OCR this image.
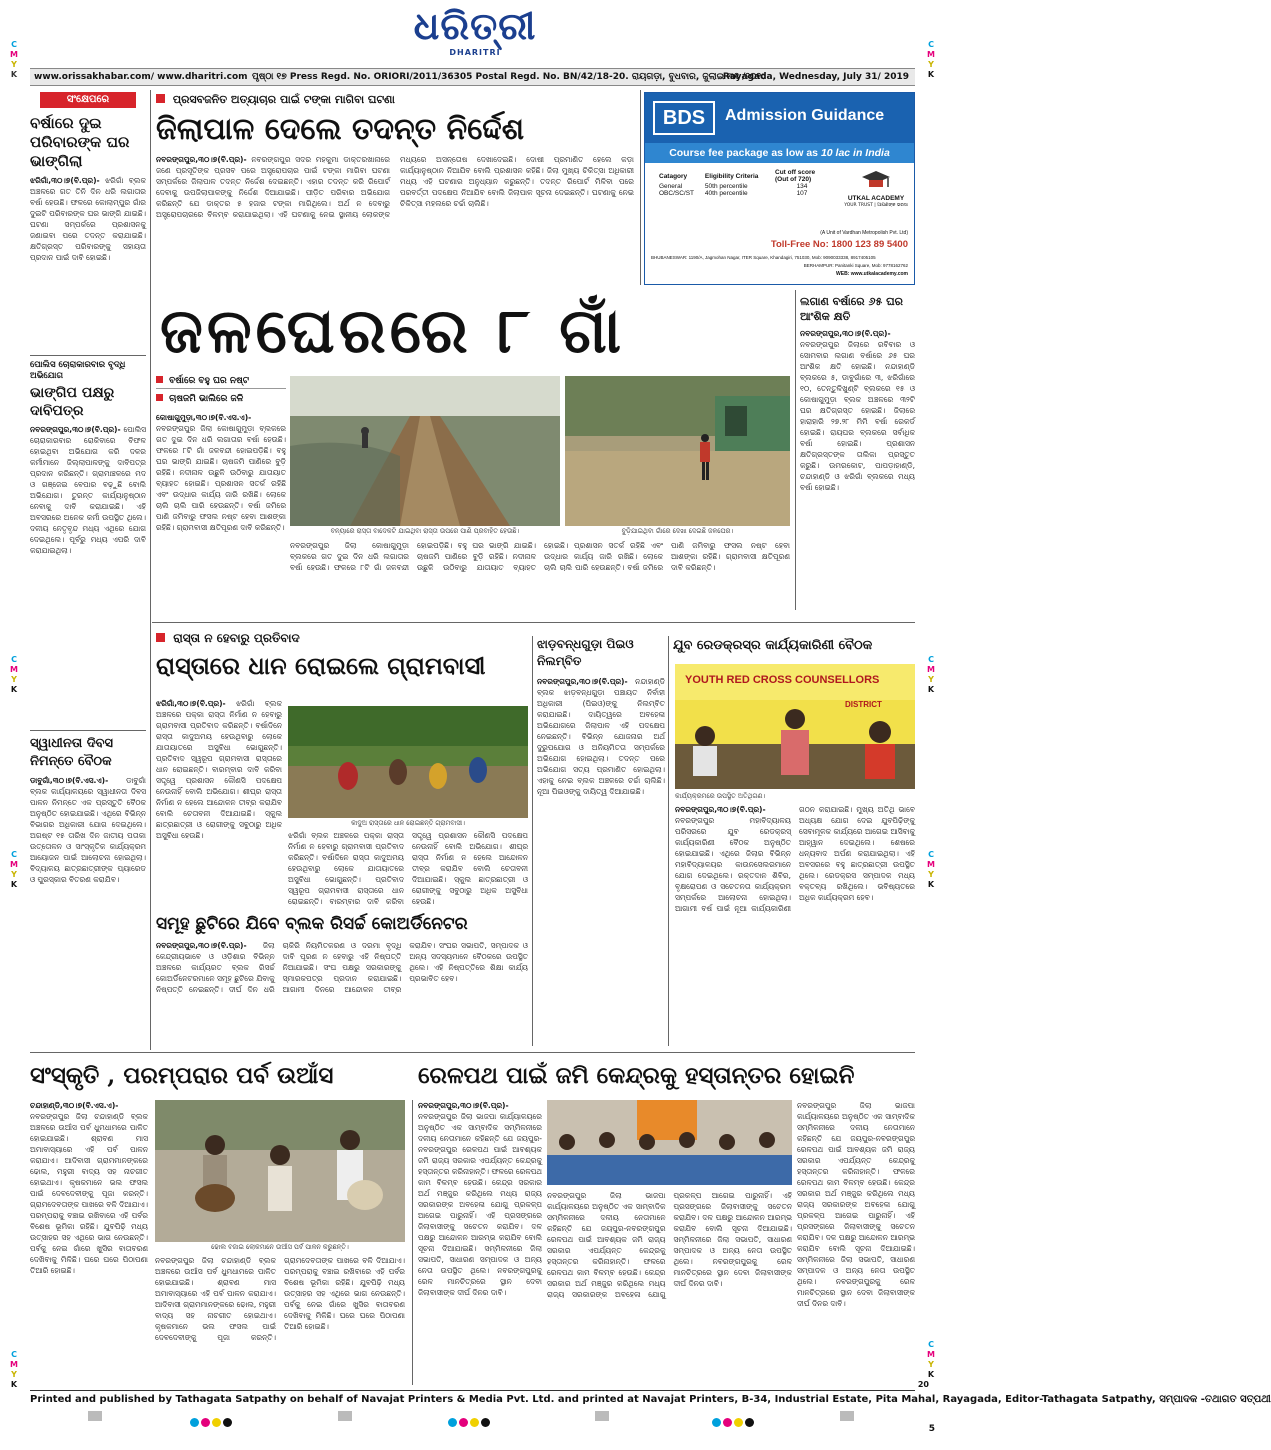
C
M
Y
K
C
M
Y
K
C
M
Y
K
C
M
Y
K
C
M
Y
K
C
M
Y
K
C
M
Y
K
C
M
Y
K
ଧରିତ୍ରୀ
DHARITRI
www.orissakhabar.com/ www.dharitri.com ପୃଷ୍ଠା ୧୭ Press Regd. No. ORIORI/2011/36305 Postal Regd. No. BN/42/18-20. ରାୟଗଡ଼ା, ବୁଧବାର, ଜୁଲାଇ ୩୧ /୨୦୧୯
Rayagada, Wednesday, July 31/ 2019
ସଂକ୍ଷେପରେ
ବର୍ଷାରେ ଦୁଇ ପରିବାରଙ୍କ ଘର ଭାଙ୍ଗିଲା
ଝରିଗାଁ,୩୦।୭(ବି.ପ୍ର)- ଝରିଗାଁ ବ୍ଲକ ଅଞ୍ଚଳରେ ଗତ ତିନି ଦିନ ଧରି ଲଗାତାର ବର୍ଷା ହେଉଛି। ଫଳରେ କୋଲାମ୍ପୁର ଗାଁର ଦୁଇଟି ପରିବାରଙ୍କ ଘର ଭାଙ୍ଗି ଯାଇଛି। ଘଟଣା ସମ୍ପର୍କରେ ପ୍ରଶାସନକୁ ଜଣାଇବା ପରେ ତଦନ୍ତ କରାଯାଇଛି। କ୍ଷତିଗ୍ରସ୍ତ ପରିବାରଙ୍କୁ ସହାୟତା ପ୍ରଦାନ ପାଇଁ ଦାବି ହୋଇଛି।
ପୋଲିସ ଚୋରାକାରବାର ବୃଦ୍ଧି ଅଭିଯୋଗ
ଭାଙ୍ଗିପ ପକ୍ଷରୁ ଦାବିପତ୍ର
ନବରଙ୍ଗପୁର,୩୦।୭(ବି.ପ୍ର)- ପୋଲିସ ଚୋରାକାରବାର ରୋକିବାରେ ବିଫଳ ହୋଇଥିବା ଅଭିଯୋଗ କରି ଦଳର କର୍ମୀମାନେ ଜିଲ୍ଲାପାଳଙ୍କୁ ଦାବିପତ୍ର ପ୍ରଦାନ କରିଛନ୍ତି। ଗ୍ରାମାଞ୍ଚଳରେ ମଦ ଓ ଗଞ୍ଜେଇ ବେପାର ବଢ଼ୁଛି ବୋଲି ଅଭିଯୋଗ। ତୁରନ୍ତ କାର୍ଯ୍ୟାନୁଷ୍ଠାନ ନେବାକୁ ଦାବି କରାଯାଇଛି। ଏହି ଅବସରରେ ଅନେକ କର୍ମୀ ଉପସ୍ଥିତ ଥିଲେ। ଦଳୀୟ ନେତୃବୃନ୍ଦ ମଧ୍ୟ ଏଥିରେ ଯୋଗ ଦେଇଥିଲେ। ପୂର୍ବରୁ ମଧ୍ୟ ଏପରି ଦାବି କରାଯାଇଥିଲା।
ସ୍ୱାଧୀନତା ଦିବସ ନିମନ୍ତେ ବୈଠକ
ଡାବୁଗାଁ,୩୦।୭(ବି.ଏସ.ଏ)- ଡାବୁଗାଁ ବ୍ଲକ କାର୍ଯ୍ୟାଳୟରେ ସ୍ୱାଧୀନତା ଦିବସ ପାଳନ ନିମନ୍ତେ ଏକ ପ୍ରସ୍ତୁତି ବୈଠକ ଅନୁଷ୍ଠିତ ହୋଇଯାଇଛି। ଏଥିରେ ବିଭିନ୍ନ ବିଭାଗର ଅଧିକାରୀ ଯୋଗ ଦେଇଥିଲେ। ଅଗଷ୍ଟ ୧୫ ତାରିଖ ଦିନ ଜାତୀୟ ପତାକା ଉତ୍ତୋଳନ ଓ ସାଂସ୍କୃତିକ କାର୍ଯ୍ୟକ୍ରମ ଆୟୋଜନ ପାଇଁ ଆଲୋଚନା ହୋଇଥିଲା। ବିଦ୍ୟାଳୟ ଛାତ୍ରଛାତ୍ରୀଙ୍କ ପ୍ୟାରେଡ ଓ ପୁରସ୍କାର ବିତରଣ କରାଯିବ।
ପ୍ରସବଜନିତ ଅତ୍ୟାଚାର ପାଇଁ ଟଙ୍କା ମାଗିବା ଘଟଣା
ଜିଲାପାଳ ଦେଲେ ତଦନ୍ତ ନିର୍ଦ୍ଦେଶ
ନବରଙ୍ଗପୁର,୩୦।୭(ବି.ପ୍ର)- ନବରଙ୍ଗପୁର ସଦର ମହକୁମା ଡାକ୍ତରଖାନାରେ ଜଣେ ପ୍ରସୂତିଙ୍କ ପ୍ରସବ ପରେ ଅସ୍ତ୍ରୋପଚାର ପାଇଁ ଟଙ୍କା ମାଗିବା ଘଟଣା ସମ୍ପର୍କରେ ଜିଲାପାଳ ତଦନ୍ତ ନିର୍ଦ୍ଦେଶ ଦେଇଛନ୍ତି। ଏହାର ତଦନ୍ତ କରି ରିପୋର୍ଟ ଦେବାକୁ ଉପଜିଲାପାଳଙ୍କୁ ନିର୍ଦ୍ଦେଶ ଦିଆଯାଇଛି। ପୀଡ଼ିତ ପରିବାର ଅଭିଯୋଗ କରିଛନ୍ତି ଯେ ଡାକ୍ତର ୫ ହଜାର ଟଙ୍କା ମାଗିଥିଲେ। ଅର୍ଥ ନ ଦେବାରୁ ଅସ୍ତ୍ରୋପଚାରରେ ବିଳମ୍ବ କରାଯାଇଥିଲା। ଏହି ଘଟଣାକୁ ନେଇ ସ୍ଥାନୀୟ ଲୋକଙ୍କ ମଧ୍ୟରେ ଅସନ୍ତୋଷ ଦେଖାଦେଇଛି। ଦୋଷୀ ପ୍ରମାଣିତ ହେଲେ କଡ଼ା କାର୍ଯ୍ୟାନୁଷ୍ଠାନ ନିଆଯିବ ବୋଲି ପ୍ରଶାସନ କହିଛି। ଜିଲା ମୁଖ୍ୟ ଚିକିତ୍ସା ଅଧିକାରୀ ମଧ୍ୟ ଏହି ଘଟଣାର ଅନୁଧ୍ୟାନ କରୁଛନ୍ତି। ତଦନ୍ତ ରିପୋର୍ଟ ମିଳିବା ପରେ ପରବର୍ତ୍ତୀ ପଦକ୍ଷେପ ନିଆଯିବ ବୋଲି ଜିଲାପାଳ ସୂଚନା ଦେଇଛନ୍ତି। ଘଟଣାକୁ ନେଇ ଚିକିତ୍ସା ମହଲରେ ଚର୍ଚ୍ଚା ଚାଲିଛି।
BDS	Admission Guidance
Course fee package as low as 10 lac in India
Catagory	Eligibility Criteria	Cut off score (Out of 720)
General	50th percentile	134
OBC/SC/ST	40th percentile	107
UTKAL ACADEMY
YOUR TRUST | ଆପଣଙ୍କ ଭରସା
(A Unit of Vardhan Metropolish Pvt. Ltd)
Toll-Free No: 1800 123 89 5400
BHUBANESWAR: 1190/A, Jagmohan Nagar, ITER Square, Khandagiri, 751030, Mob: 9090033338, 8917405105
BERHAMPUR: Panitanki Square, Mob: 9778162762
WEB: www.utkalacademy.com
ଜଳଘେରରେ ୮ ଗାଁ
ବର୍ଷାରେ ବହୁ ଘର ନଷ୍ଟ
ଚାଷଜମି ଭାଲିରେ ଜଳି
କୋଷାଗୁମୁଡ଼ା,୩୦।୭(ବି.ଏସ.ଏ)- ନବରଙ୍ଗପୁର ଜିଲା କୋଷାଗୁମୁଡ଼ା ବ୍ଲକରେ ଗତ ଦୁଇ ଦିନ ଧରି ଲଗାତାର ବର୍ଷା ହେଉଛି। ଫଳରେ ୮ଟି ଗାଁ ଜଳବନ୍ଦୀ ହୋଇପଡ଼ିଛି। ବହୁ ଘର ଭାଙ୍ଗି ଯାଇଛି। ଚାଷଜମି ପାଣିରେ ବୁଡ଼ି ରହିଛି। ନଦୀନାଳ ଉଛୁଳି ଉଠିବାରୁ ଯାତାୟାତ ବ୍ୟାହତ ହୋଇଛି। ପ୍ରଶାସନ ସତର୍କ ରହିଛି ଏବଂ ଉଦ୍ଧାର କାର୍ଯ୍ୟ ଜାରି ରଖିଛି। ଲୋକେ ଚାଲି ଚାଲି ପାରି ହେଉଛନ୍ତି। ବର୍ଷା ଜମିରେ ପାଣି ଜମିବାରୁ ଫସଲ ନଷ୍ଟ ହେବା ଆଶଙ୍କା ରହିଛି। ଗ୍ରାମବାସୀ କ୍ଷତିପୂରଣ ଦାବି କରିଛନ୍ତି।	ବନ୍ୟାରେ ରାସ୍ତା ବାଦେକଟି ଯାଇଥିବା ରାସ୍ତା ଉପରେ ପାଣି ପ୍ରବାହିତ ହେଉଛି।	ବୁଡ଼ିଯାଇଥିବା ଗାଁରେ ଦେଖା ଦେଇଛି ଜଳଘେର।
ନବରଙ୍ଗପୁର ଜିଲା କୋଷାଗୁମୁଡ଼ା ବ୍ଲକରେ ଗତ ଦୁଇ ଦିନ ଧରି ଲଗାତାର ବର୍ଷା ହେଉଛି। ଫଳରେ ୮ଟି ଗାଁ ଜଳବନ୍ଦୀ ହୋଇପଡ଼ିଛି। ବହୁ ଘର ଭାଙ୍ଗି ଯାଇଛି। ଚାଷଜମି ପାଣିରେ ବୁଡ଼ି ରହିଛି। ନଦୀନାଳ ଉଛୁଳି ଉଠିବାରୁ ଯାତାୟାତ ବ୍ୟାହତ ହୋଇଛି। ପ୍ରଶାସନ ସତର୍କ ରହିଛି ଏବଂ ଉଦ୍ଧାର କାର୍ଯ୍ୟ ଜାରି ରଖିଛି। ଲୋକେ ଚାଲି ଚାଲି ପାରି ହେଉଛନ୍ତି। ବର୍ଷା ଜମିରେ ପାଣି ଜମିବାରୁ ଫସଲ ନଷ୍ଟ ହେବା ଆଶଙ୍କା ରହିଛି। ଗ୍ରାମବାସୀ କ୍ଷତିପୂରଣ ଦାବି କରିଛନ୍ତି।
ଲଗାଣ ବର୍ଷାରେ ୬୫ ଘର ଆଂଶିକ କ୍ଷତି
ନବରଙ୍ଗପୁର,୩୦।୭(ବି.ପ୍ର)- ନବରଙ୍ଗପୁର ଜିଲାରେ ରବିବାର ଓ ସୋମବାର ଲଗାଣ ବର୍ଷାରେ ୬୫ ଘର ଆଂଶିକ କ୍ଷତି ହୋଇଛି। ନନ୍ଦାହାଣ୍ଡି ବ୍ଲକରେ ୫, ଡାବୁଗାଁରେ ୩, ଝରିଗାଁରେ ୧୦, ତେନ୍ତୁଳିଖୁଣ୍ଟି ବ୍ଲକରେ ୧୫ ଓ କୋଷାଗୁମୁଡ଼ା ବ୍ଲକ ଅଞ୍ଚଳରେ ୩୨ଟି ଘର କ୍ଷତିଗ୍ରସ୍ତ ହୋଇଛି। ଜିଲାରେ ହାରାହାରି ୨୭.୨୮ ମିମି ବର୍ଷା ରେକର୍ଡ ହୋଇଛି। ରାୟଘର ବ୍ଲକରେ ସର୍ବାଧିକ ବର୍ଷା ହୋଇଛି। ପ୍ରଶାସନ କ୍ଷତିଗ୍ରସ୍ତଙ୍କ ତାଲିକା ପ୍ରସ୍ତୁତ କରୁଛି। ଉମରକୋଟ, ପାପଡ଼ାହାଣ୍ଡି, ଚନ୍ଦାହାଣ୍ଡି ଓ ଝରିଗାଁ ବ୍ଲକରେ ମଧ୍ୟ ବର୍ଷା ହୋଇଛି।
ରାସ୍ତା ନ ହେବାରୁ ପ୍ରତିବାଦ
ରାସ୍ତାରେ ଧାନ ରୋଇଲେ ଗ୍ରାମବାସୀ
ଝରିଗାଁ,୩୦।୭(ବି.ପ୍ର)- ଝରିଗାଁ ବ୍ଲକ ଅଞ୍ଚଳରେ ପକ୍କା ରାସ୍ତା ନିର୍ମାଣ ନ ହେବାରୁ ଗ୍ରାମବାସୀ ପ୍ରତିବାଦ କରିଛନ୍ତି। ବର୍ଷାଦିନେ ରାସ୍ତା କାଦୁଅମୟ ହେଉଥିବାରୁ ଲୋକେ ଯାତାୟାତରେ ଅସୁବିଧା ଭୋଗୁଛନ୍ତି। ପ୍ରତିବାଦ ସ୍ୱରୂପ ଗ୍ରାମବାସୀ ରାସ୍ତାରେ ଧାନ ରୋଇଛନ୍ତି। ବାରମ୍ବାର ଦାବି କରିବା ସତ୍ତ୍ୱେ ପ୍ରଶାସନ କୌଣସି ପଦକ୍ଷେପ ନେଉନାହିଁ ବୋଲି ଅଭିଯୋଗ। ଶୀଘ୍ର ରାସ୍ତା ନିର୍ମାଣ ନ ହେଲେ ଆନ୍ଦୋଳନ ତୀବ୍ର କରାଯିବ ବୋଲି ଚେତାବନୀ ଦିଆଯାଇଛି। ସ୍କୁଲ ଛାତ୍ରଛାତ୍ରୀ ଓ ରୋଗୀଙ୍କୁ ସବୁଠାରୁ ଅଧିକ ଅସୁବିଧା ହେଉଛି।
କାଦୁଅ ରାସ୍ତାରେ ଧାନ ରୋଇଛନ୍ତି ଗ୍ରାମବାସୀ।
ଝରିଗାଁ ବ୍ଲକ ଅଞ୍ଚଳରେ ପକ୍କା ରାସ୍ତା ନିର୍ମାଣ ନ ହେବାରୁ ଗ୍ରାମବାସୀ ପ୍ରତିବାଦ କରିଛନ୍ତି। ବର୍ଷାଦିନେ ରାସ୍ତା କାଦୁଅମୟ ହେଉଥିବାରୁ ଲୋକେ ଯାତାୟାତରେ ଅସୁବିଧା ଭୋଗୁଛନ୍ତି। ପ୍ରତିବାଦ ସ୍ୱରୂପ ଗ୍ରାମବାସୀ ରାସ୍ତାରେ ଧାନ ରୋଇଛନ୍ତି। ବାରମ୍ବାର ଦାବି କରିବା ସତ୍ତ୍ୱେ ପ୍ରଶାସନ କୌଣସି ପଦକ୍ଷେପ ନେଉନାହିଁ ବୋଲି ଅଭିଯୋଗ। ଶୀଘ୍ର ରାସ୍ତା ନିର୍ମାଣ ନ ହେଲେ ଆନ୍ଦୋଳନ ତୀବ୍ର କରାଯିବ ବୋଲି ଚେତାବନୀ ଦିଆଯାଇଛି। ସ୍କୁଲ ଛାତ୍ରଛାତ୍ରୀ ଓ ରୋଗୀଙ୍କୁ ସବୁଠାରୁ ଅଧିକ ଅସୁବିଧା ହେଉଛି।
ସମୂହ ଛୁଟିରେ ଯିବେ ବ୍ଲକ ରିସର୍ଚ୍ଚ କୋଅର୍ଡିନେଟର
ନବରଙ୍ଗପୁର,୩୦।୭(ବି.ପ୍ର)- ଜିଲା କେନ୍ଦ୍ରୀୟଭାବେ ଓ ଓଡ଼ିଶାର ବିଭିନ୍ନ ଅଞ୍ଚଳରେ କାର୍ଯ୍ୟରତ ବ୍ଲକ ରିସର୍ଚ୍ଚ କୋଅର୍ଡିନେଟରମାନେ ସମୂହ ଛୁଟିରେ ଯିବାକୁ ନିଷ୍ପତ୍ତି ନେଇଛନ୍ତି। ଦୀର୍ଘ ଦିନ ଧରି ଚାକିରି ନିୟମିତକରଣ ଓ ଦରମା ବୃଦ୍ଧି ଦାବି ପୂରଣ ନ ହେବାରୁ ଏହି ନିଷ୍ପତ୍ତି ନିଆଯାଇଛି। ସଂଘ ପକ୍ଷରୁ ସରକାରଙ୍କୁ ସ୍ମାରକପତ୍ର ପ୍ରଦାନ କରାଯାଇଛି। ଆଗାମୀ ଦିନରେ ଆନ୍ଦୋଳନ ତୀବ୍ର କରାଯିବ। ସଂଘର ସଭାପତି, ସମ୍ପାଦକ ଓ ଅନ୍ୟ ସଦସ୍ୟମାନେ ବୈଠକରେ ଉପସ୍ଥିତ ଥିଲେ। ଏହି ନିଷ୍ପତ୍ତିରେ ଶିକ୍ଷା କାର୍ଯ୍ୟ ପ୍ରଭାବିତ ହେବ।
ଝାଡ଼ବନ୍ଧଗୁଡ଼ା ପିଇଓ ନିଲମ୍ବିତ
ନବରଙ୍ଗପୁର,୩୦।୭(ବି.ପ୍ର)- ନନ୍ଦାହାଣ୍ଡି ବ୍ଲକ ଝାଡ଼ବନ୍ଧଗୁଡ଼ା ପଞ୍ଚାୟତ ନିର୍ବାହୀ ଅଧିକାରୀ (ପିଇଓ)ଙ୍କୁ ନିଲମ୍ବିତ କରାଯାଇଛି। ଦାୟିତ୍ୱରେ ଅବହେଳା ଅଭିଯୋଗରେ ଜିଲାପାଳ ଏହି ପଦକ୍ଷେପ ନେଇଛନ୍ତି। ବିଭିନ୍ନ ଯୋଜନାର ଅର୍ଥ ଦୁରୁପଯୋଗ ଓ ଅନିୟମିତତା ସମ୍ପର୍କରେ ଅଭିଯୋଗ ହୋଇଥିଲା। ତଦନ୍ତ ପରେ ଅଭିଯୋଗ ସତ୍ୟ ପ୍ରମାଣିତ ହୋଇଥିଲା। ଏହାକୁ ନେଇ ବ୍ଲକ ଅଞ୍ଚଳରେ ଚର୍ଚ୍ଚା ଚାଲିଛି। ନୂଆ ପିଇଓଙ୍କୁ ଦାୟିତ୍ୱ ଦିଆଯାଇଛି।
ଯୁବ ରେଡକ୍ରସ୍‌ର କାର୍ଯ୍ୟକାରିଣୀ ବୈଠକ
YOUTH RED CROSS COUNSELLORS
DISTRICT
କାର୍ଯ୍ୟକ୍ରମରେ ଉପସ୍ଥିତ ଅତିଥିଗଣ।
ନବରଙ୍ଗପୁର,୩୦।୭(ବି.ପ୍ର)- ନବରଙ୍ଗପୁର ମହାବିଦ୍ୟାଳୟ ପରିସରରେ ଯୁବ ରେଡକ୍ରସ୍ କାର୍ଯ୍ୟକାରିଣୀ ବୈଠକ ଅନୁଷ୍ଠିତ ହୋଇଯାଇଛି। ଏଥିରେ ଜିଲାର ବିଭିନ୍ନ ମହାବିଦ୍ୟାଳୟର କାଉନସେଲରମାନେ ଯୋଗ ଦେଇଥିଲେ। ରକ୍ତଦାନ ଶିବିର, ବୃକ୍ଷରୋପଣ ଓ ସଚେତନତା କାର୍ଯ୍ୟକ୍ରମ ସମ୍ପର୍କରେ ଆଲୋଚନା ହୋଇଥିଲା। ଆଗାମୀ ବର୍ଷ ପାଇଁ ନୂଆ କାର୍ଯ୍ୟକାରିଣୀ ଗଠନ କରାଯାଇଛି। ମୁଖ୍ୟ ଅତିଥି ଭାବେ ଅଧ୍ୟକ୍ଷ ଯୋଗ ଦେଇ ଯୁବପିଢ଼ିଙ୍କୁ ସେବାମୂଳକ କାର୍ଯ୍ୟରେ ଆଗେଇ ଆସିବାକୁ ଆହ୍ୱାନ ଦେଇଥିଲେ। ଶେଷରେ ଧନ୍ୟବାଦ ଅର୍ପଣ କରାଯାଇଥିଲା। ଏହି ଅବସରରେ ବହୁ ଛାତ୍ରଛାତ୍ରୀ ଉପସ୍ଥିତ ଥିଲେ। ରେଡକ୍ରସ ସମ୍ପାଦକ ମଧ୍ୟ ବକ୍ତବ୍ୟ ରଖିଥିଲେ। ଭବିଷ୍ୟତରେ ଅଧିକ କାର୍ଯ୍ୟକ୍ରମ ହେବ।
ସଂସ୍କୃତି , ପରମ୍ପରାର ପର୍ବ ଉଆଁସ
ଚନ୍ଦାହାଣ୍ଡି,୩୦।୭(ବି.ଏସ.ଏ)- ନବରଙ୍ଗପୁର ଜିଲା ଚନ୍ଦାହାଣ୍ଡି ବ୍ଲକ ଅଞ୍ଚଳରେ ଉଆଁସ ପର୍ବ ଧୁମଧାମରେ ପାଳିତ ହୋଇଯାଇଛି। ଶ୍ରାବଣ ମାସ ଅମାବାସ୍ୟାରେ ଏହି ପର୍ବ ପାଳନ କରାଯାଏ। ଆଦିବାସୀ ଗ୍ରାମମାନଙ୍କରେ ଢୋଲ, ମହୁରୀ ବାଦ୍ୟ ସହ ନାଚଗୀତ ହୋଇଥାଏ। କୃଷକମାନେ ଭଲ ଫସଲ ପାଇଁ ଦେବଦେବୀଙ୍କୁ ପୂଜା କରନ୍ତି। ଗ୍ରାମଦେବତାଙ୍କ ପାଖରେ ବଳି ଦିଆଯାଏ। ପରମ୍ପରାକୁ ବଞ୍ଚାଇ ରଖିବାରେ ଏହି ପର୍ବର ବିଶେଷ ଭୂମିକା ରହିଛି। ଯୁବପିଢ଼ି ମଧ୍ୟ ଉତ୍ସାହର ସହ ଏଥିରେ ଭାଗ ନେଉଛନ୍ତି। ପର୍ବକୁ ନେଇ ଗାଁରେ ଖୁସିର ବାତାବରଣ ଦେଖିବାକୁ ମିଳିଛି। ଘରେ ଘରେ ପିଠାପଣା ତିଆରି ହୋଇଛି।
ଢୋଲ ବଜାଇ ଲୋକମାନେ ଉଆଁସ ପର୍ବ ପାଳନ କରୁଛନ୍ତି।
ନବରଙ୍ଗପୁର ଜିଲା ଚନ୍ଦାହାଣ୍ଡି ବ୍ଲକ ଅଞ୍ଚଳରେ ଉଆଁସ ପର୍ବ ଧୁମଧାମରେ ପାଳିତ ହୋଇଯାଇଛି। ଶ୍ରାବଣ ମାସ ଅମାବାସ୍ୟାରେ ଏହି ପର୍ବ ପାଳନ କରାଯାଏ। ଆଦିବାସୀ ଗ୍ରାମମାନଙ୍କରେ ଢୋଲ, ମହୁରୀ ବାଦ୍ୟ ସହ ନାଚଗୀତ ହୋଇଥାଏ। କୃଷକମାନେ ଭଲ ଫସଲ ପାଇଁ ଦେବଦେବୀଙ୍କୁ ପୂଜା କରନ୍ତି। ଗ୍ରାମଦେବତାଙ୍କ ପାଖରେ ବଳି ଦିଆଯାଏ। ପରମ୍ପରାକୁ ବଞ୍ଚାଇ ରଖିବାରେ ଏହି ପର୍ବର ବିଶେଷ ଭୂମିକା ରହିଛି। ଯୁବପିଢ଼ି ମଧ୍ୟ ଉତ୍ସାହର ସହ ଏଥିରେ ଭାଗ ନେଉଛନ୍ତି। ପର୍ବକୁ ନେଇ ଗାଁରେ ଖୁସିର ବାତାବରଣ ଦେଖିବାକୁ ମିଳିଛି। ଘରେ ଘରେ ପିଠାପଣା ତିଆରି ହୋଇଛି।
ରେଳପଥ ପାଇଁ ଜମି କେନ୍ଦ୍ରକୁ ହସ୍ତାନ୍ତର ହୋଇନି
ନବରଙ୍ଗପୁର,୩୦।୭(ବି.ପ୍ର)- ନବରଙ୍ଗପୁର ଜିଲା ଭାଜପା କାର୍ଯ୍ୟାଳୟରେ ଅନୁଷ୍ଠିତ ଏକ ସାମ୍ବାଦିକ ସମ୍ମିଳନୀରେ ଦଳୀୟ ନେତାମାନେ କହିଛନ୍ତି ଯେ ଜୟପୁର-ନବରଙ୍ଗପୁର ରେଳପଥ ପାଇଁ ଆବଶ୍ୟକ ଜମି ରାଜ୍ୟ ସରକାର ଏପର୍ଯ୍ୟନ୍ତ କେନ୍ଦ୍ରକୁ ହସ୍ତାନ୍ତର କରିନାହାନ୍ତି। ଫଳରେ ରେଳପଥ କାମ ବିଳମ୍ବ ହେଉଛି। କେନ୍ଦ୍ର ସରକାର ଅର୍ଥ ମଞ୍ଜୁର କରିଥିଲେ ମଧ୍ୟ ରାଜ୍ୟ ସରକାରଙ୍କ ଅବହେଳା ଯୋଗୁ ପ୍ରକଳ୍ପ ଆଗେଇ ପାରୁନାହିଁ। ଏହି ପ୍ରସଙ୍ଗରେ ଜିଲାବାସୀଙ୍କୁ ସଚେତନ କରାଯିବ। ଦଳ ପକ୍ଷରୁ ଆନ୍ଦୋଳନ ଆରମ୍ଭ କରାଯିବ ବୋଲି ସୂଚନା ଦିଆଯାଇଛି। ସମ୍ମିଳନୀରେ ଜିଲା ସଭାପତି, ସାଧାରଣ ସମ୍ପାଦକ ଓ ଅନ୍ୟ ନେତା ଉପସ୍ଥିତ ଥିଲେ। ନବରଙ୍ଗପୁରକୁ ରେଳ ମାନଚିତ୍ରରେ ସ୍ଥାନ ଦେବା ଜିଲାବାସୀଙ୍କ ଦୀର୍ଘ ଦିନର ଦାବି।
ନବରଙ୍ଗପୁର ଜିଲା ଭାଜପା କାର୍ଯ୍ୟାଳୟରେ ଅନୁଷ୍ଠିତ ଏକ ସାମ୍ବାଦିକ ସମ୍ମିଳନୀରେ ଦଳୀୟ ନେତାମାନେ କହିଛନ୍ତି ଯେ ଜୟପୁର-ନବରଙ୍ଗପୁର ରେଳପଥ ପାଇଁ ଆବଶ୍ୟକ ଜମି ରାଜ୍ୟ ସରକାର ଏପର୍ଯ୍ୟନ୍ତ କେନ୍ଦ୍ରକୁ ହସ୍ତାନ୍ତର କରିନାହାନ୍ତି। ଫଳରେ ରେଳପଥ କାମ ବିଳମ୍ବ ହେଉଛି। କେନ୍ଦ୍ର ସରକାର ଅର୍ଥ ମଞ୍ଜୁର କରିଥିଲେ ମଧ୍ୟ ରାଜ୍ୟ ସରକାରଙ୍କ ଅବହେଳା ଯୋଗୁ ପ୍ରକଳ୍ପ ଆଗେଇ ପାରୁନାହିଁ। ଏହି ପ୍ରସଙ୍ଗରେ ଜିଲାବାସୀଙ୍କୁ ସଚେତନ କରାଯିବ। ଦଳ ପକ୍ଷରୁ ଆନ୍ଦୋଳନ ଆରମ୍ଭ କରାଯିବ ବୋଲି ସୂଚନା ଦିଆଯାଇଛି। ସମ୍ମିଳନୀରେ ଜିଲା ସଭାପତି, ସାଧାରଣ ସମ୍ପାଦକ ଓ ଅନ୍ୟ ନେତା ଉପସ୍ଥିତ ଥିଲେ। ନବରଙ୍ଗପୁରକୁ ରେଳ ମାନଚିତ୍ରରେ ସ୍ଥାନ ଦେବା ଜିଲାବାସୀଙ୍କ ଦୀର୍ଘ ଦିନର ଦାବି।
ନବରଙ୍ଗପୁର ଜିଲା ଭାଜପା କାର୍ଯ୍ୟାଳୟରେ ଅନୁଷ୍ଠିତ ଏକ ସାମ୍ବାଦିକ ସମ୍ମିଳନୀରେ ଦଳୀୟ ନେତାମାନେ କହିଛନ୍ତି ଯେ ଜୟପୁର-ନବରଙ୍ଗପୁର ରେଳପଥ ପାଇଁ ଆବଶ୍ୟକ ଜମି ରାଜ୍ୟ ସରକାର ଏପର୍ଯ୍ୟନ୍ତ କେନ୍ଦ୍ରକୁ ହସ୍ତାନ୍ତର କରିନାହାନ୍ତି। ଫଳରେ ରେଳପଥ କାମ ବିଳମ୍ବ ହେଉଛି। କେନ୍ଦ୍ର ସରକାର ଅର୍ଥ ମଞ୍ଜୁର କରିଥିଲେ ମଧ୍ୟ ରାଜ୍ୟ ସରକାରଙ୍କ ଅବହେଳା ଯୋଗୁ ପ୍ରକଳ୍ପ ଆଗେଇ ପାରୁନାହିଁ। ଏହି ପ୍ରସଙ୍ଗରେ ଜିଲାବାସୀଙ୍କୁ ସଚେତନ କରାଯିବ। ଦଳ ପକ୍ଷରୁ ଆନ୍ଦୋଳନ ଆରମ୍ଭ କରାଯିବ ବୋଲି ସୂଚନା ଦିଆଯାଇଛି। ସମ୍ମିଳନୀରେ ଜିଲା ସଭାପତି, ସାଧାରଣ ସମ୍ପାଦକ ଓ ଅନ୍ୟ ନେତା ଉପସ୍ଥିତ ଥିଲେ। ନବରଙ୍ଗପୁରକୁ ରେଳ ମାନଚିତ୍ରରେ ସ୍ଥାନ ଦେବା ଜିଲାବାସୀଙ୍କ ଦୀର୍ଘ ଦିନର ଦାବି।
Printed and published by Tathagata Satpathy on behalf of Navajat Printers & Media Pvt. Ltd. and printed at Navajat Printers, B-34, Industrial Estate, Pita Mahal, Rayagada, Editor-Tathagata Satpathy, ସମ୍ପାଦକ -ତଥାଗତ ସତ୍ପଥୀ
20
5
